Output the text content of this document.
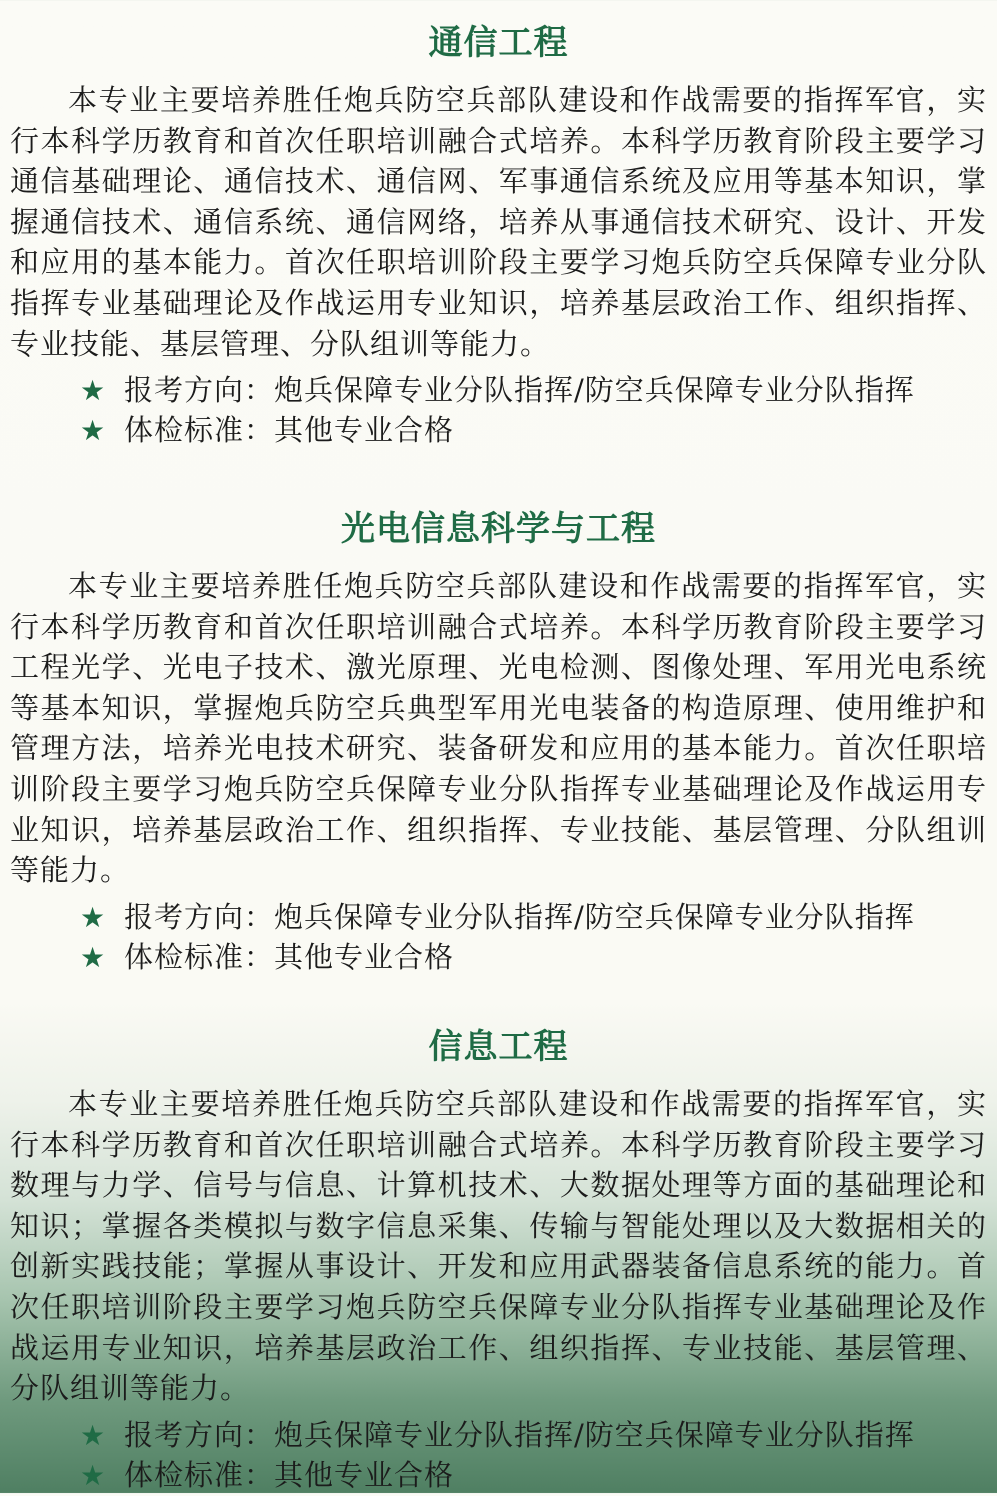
通信工程

本专业主要培养胜任炮兵防空兵部队建设和作战需要的指挥军官，实行本科学历教育和首次任职培训融合式培养。本科学历教育阶段主要学习通信基础理论、通信技术、通信网、军事通信系统及应用等基本知识，掌握通信技术、通信系统、通信网络，培养从事通信技术研究、设计、开发和应用的基本能力。首次任职培训阶段主要学习炮兵防空兵保障专业分队指挥专业基础理论及作战运用专业知识，培养基层政治工作、组织指挥、专业技能、基层管理、分队组训等能力。

★ 报考方向：炮兵保障专业分队指挥/防空兵保障专业分队指挥
★ 体检标准：其他专业合格
光电信息科学与工程

本专业主要培养胜任炮兵防空兵部队建设和作战需要的指挥军官，实行本科学历教育和首次任职培训融合式培养。本科学历教育阶段主要学习工程光学、光电子技术、激光原理、光电检测、图像处理、军用光电系统等基本知识，掌握炮兵防空兵典型军用光电装备的构造原理、使用维护和管理方法，培养光电技术研究、装备研发和应用的基本能力。首次任职培训阶段主要学习炮兵防空兵保障专业分队指挥专业基础理论及作战运用专业知识，培养基层政治工作、组织指挥、专业技能、基层管理、分队组训等能力。

★ 报考方向：炮兵保障专业分队指挥/防空兵保障专业分队指挥
★ 体检标准：其他专业合格
信息工程

本专业主要培养胜任炮兵防空兵部队建设和作战需要的指挥军官，实行本科学历教育和首次任职培训融合式培养。本科学历教育阶段主要学习数理与力学、信号与信息、计算机技术、大数据处理等方面的基础理论和知识；掌握各类模拟与数字信息采集、传输与智能处理以及大数据相关的创新实践技能；掌握从事设计、开发和应用武器装备信息系统的能力。首次任职培训阶段主要学习炮兵防空兵保障专业分队指挥专业基础理论及作战运用专业知识，培养基层政治工作、组织指挥、专业技能、基层管理、分队组训等能力。

★ 报考方向：炮兵保障专业分队指挥/防空兵保障专业分队指挥
★ 体检标准：其他专业合格
